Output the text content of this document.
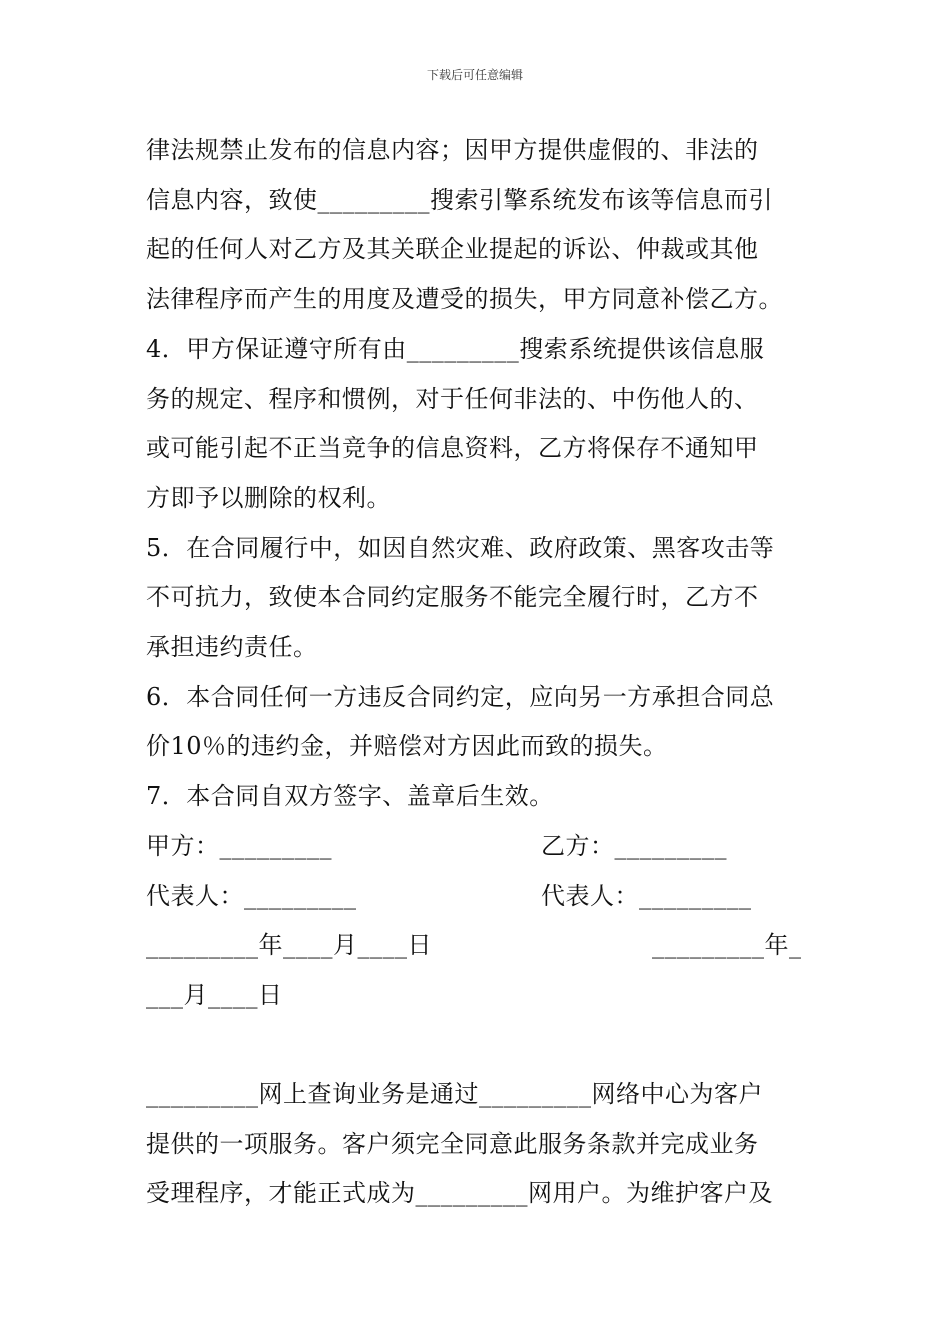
下载后可任意编辑
律法规禁止发布的信息内容；因甲方提供虚假的、非法的
信息内容，致使_________搜索引擎系统发布该等信息而引
起的任何人对乙方及其关联企业提起的诉讼、仲裁或其他
法律程序而产生的用度及遭受的损失，甲方同意补偿乙方。
4．甲方保证遵守所有由_________搜索系统提供该信息服
务的规定、程序和惯例，对于任何非法的、中伤他人的、
或可能引起不正当竞争的信息资料，乙方将保存不通知甲
方即予以删除的权利。
5．在合同履行中，如因自然灾难、政府政策、黑客攻击等
不可抗力，致使本合同约定服务不能完全履行时，乙方不
承担违约责任。
6．本合同任何一方违反合同约定，应向另一方承担合同总
价10％的违约金，并赔偿对方因此而致的损失。
7．本合同自双方签字、盖章后生效。
甲方：_________	乙方：_________
代表人：_________	代表人：_________
_________年____月____日	_________年_
___月____日
_________网上查询业务是通过_________网络中心为客户
提供的一项服务。客户须完全同意此服务条款并完成业务
受理程序，才能正式成为_________网用户。为维护客户及
